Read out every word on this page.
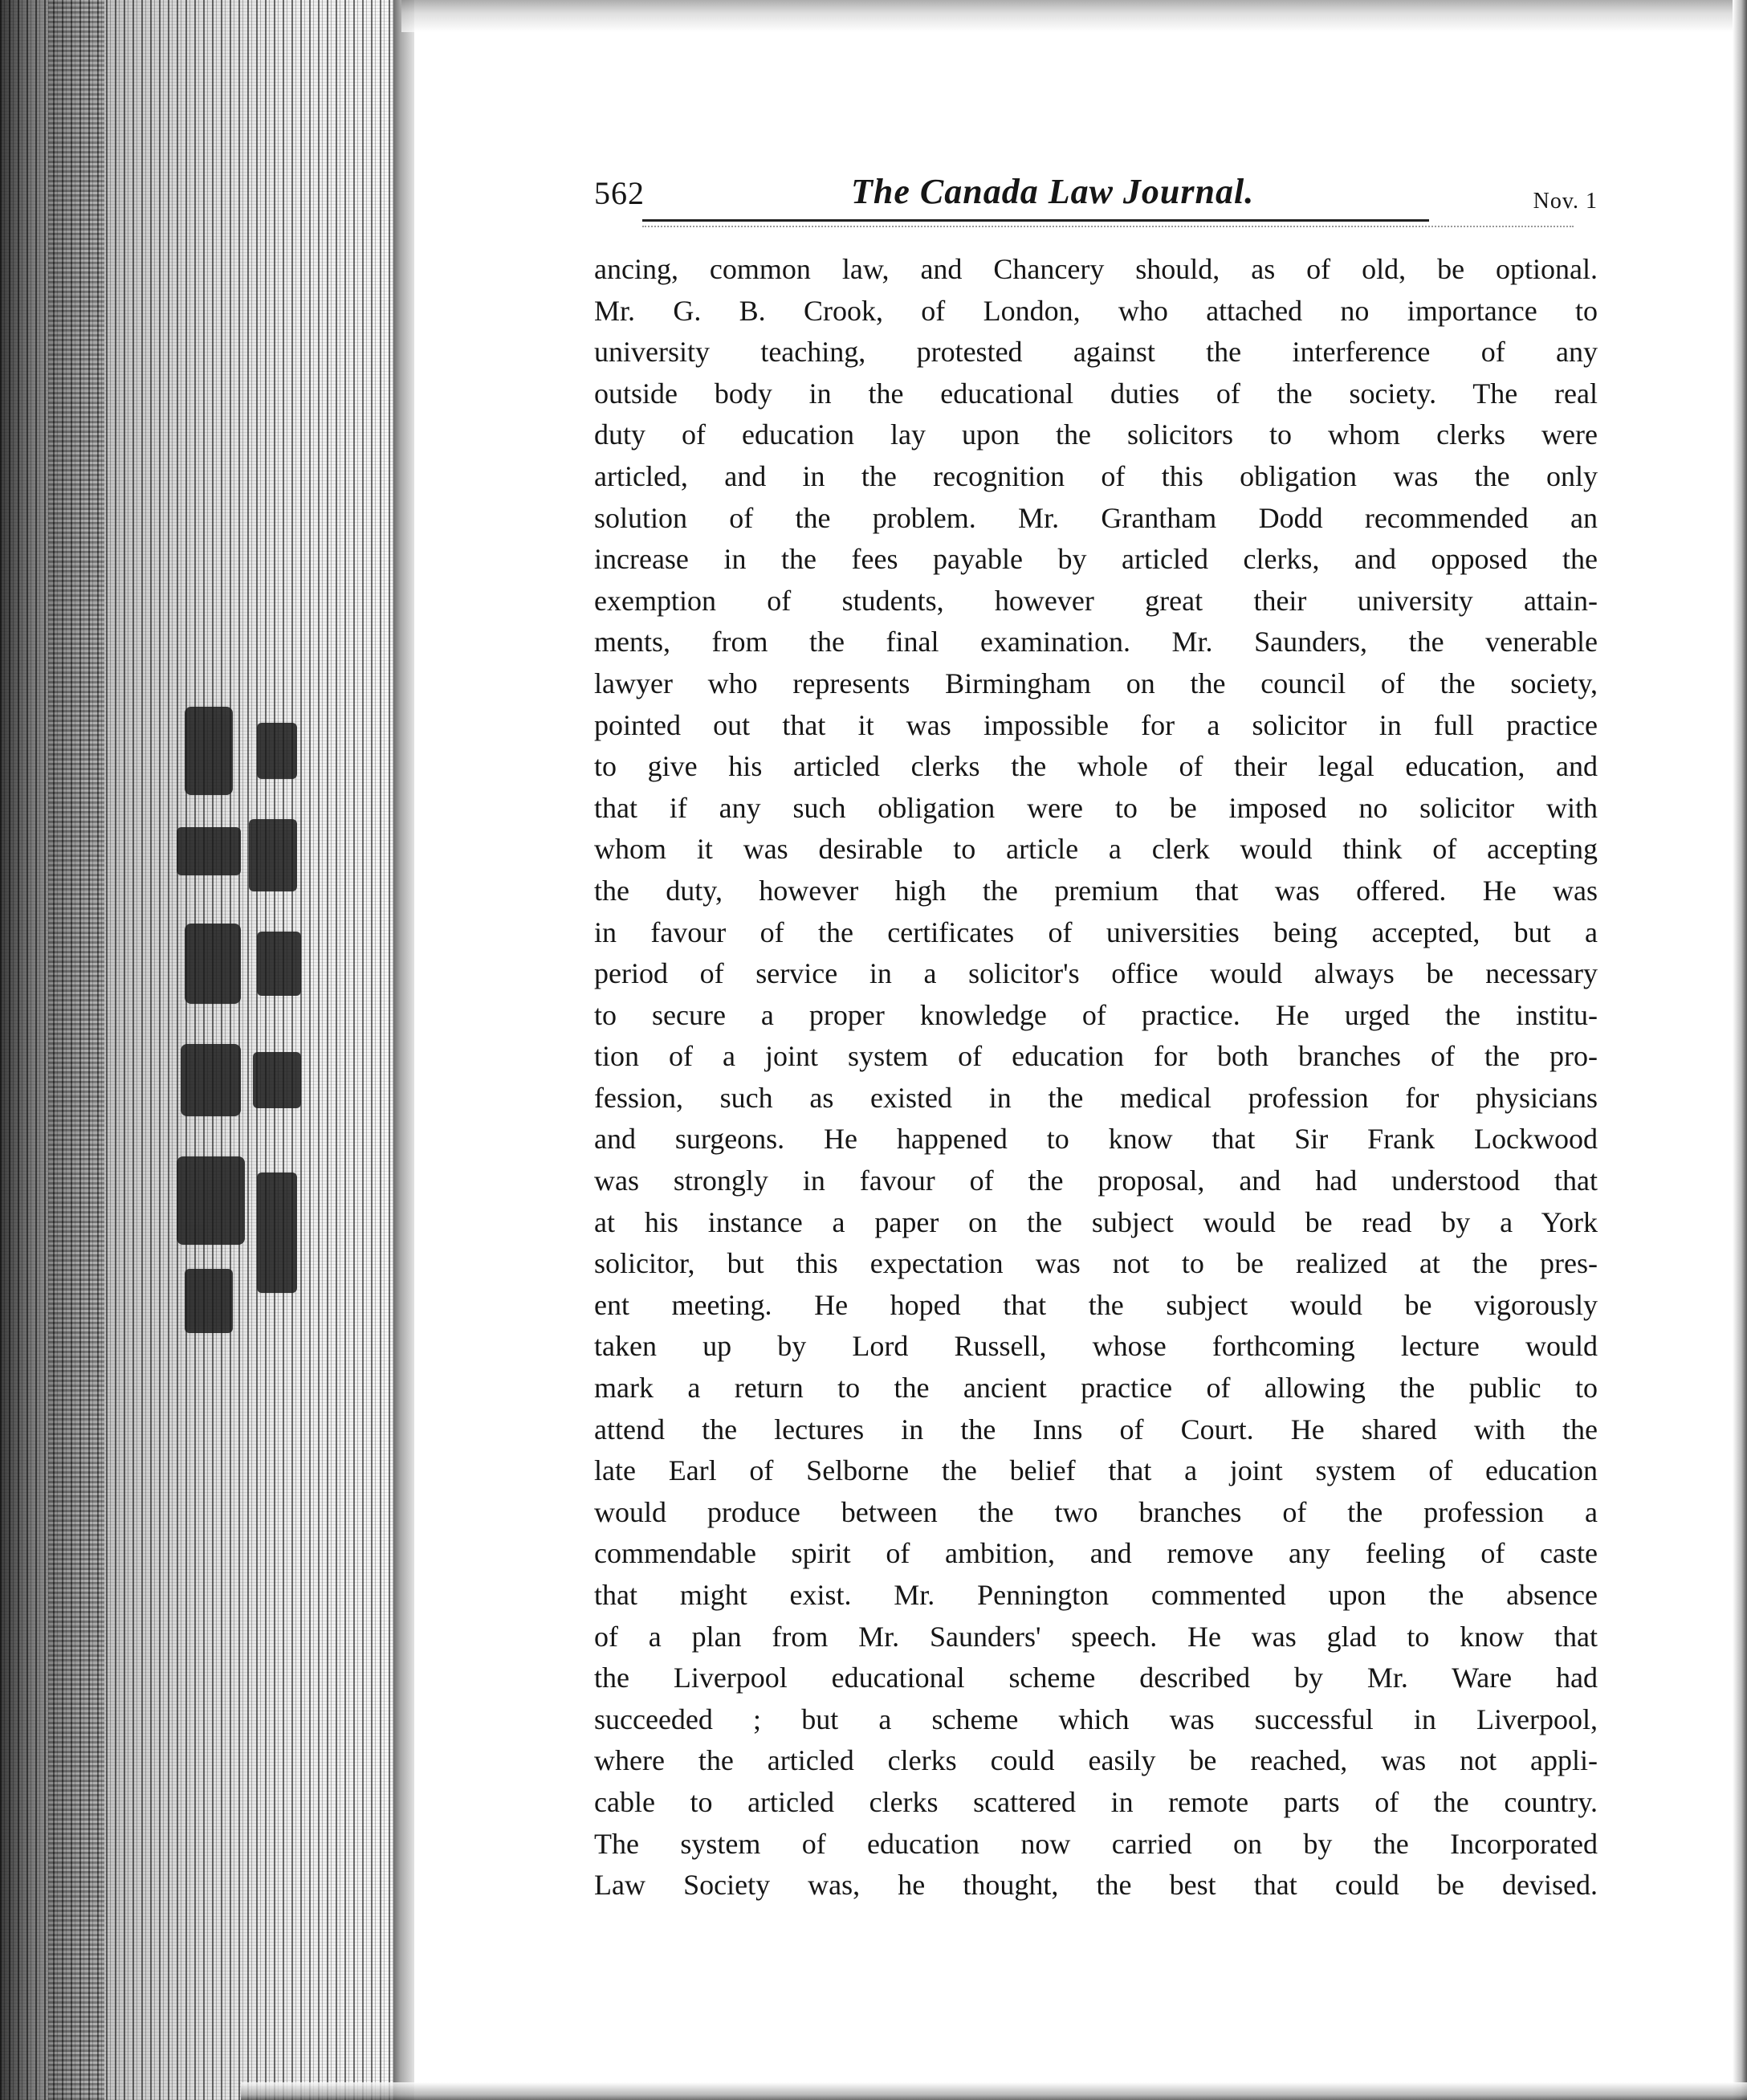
562	The Canada Law Journal.	Nov. 1
ancing, common law, and Chancery should, as of old, be optional.
Mr. G. B. Crook, of London, who attached no importance to
university teaching, protested against the interference of any
outside body in the educational duties of the society. The real
duty of education lay upon the solicitors to whom clerks were
articled, and in the recognition of this obligation was the only
solution of the problem. Mr. Grantham Dodd recommended an
increase in the fees payable by articled clerks, and opposed the
exemption of students, however great their university attain-
ments, from the final examination. Mr. Saunders, the venerable
lawyer who represents Birmingham on the council of the society,
pointed out that it was impossible for a solicitor in full practice
to give his articled clerks the whole of their legal education, and
that if any such obligation were to be imposed no solicitor with
whom it was desirable to article a clerk would think of accepting
the duty, however high the premium that was offered. He was
in favour of the certificates of universities being accepted, but a
period of service in a solicitor's office would always be necessary
to secure a proper knowledge of practice. He urged the institu-
tion of a joint system of education for both branches of the pro-
fession, such as existed in the medical profession for physicians
and surgeons. He happened to know that Sir Frank Lockwood
was strongly in favour of the proposal, and had understood that
at his instance a paper on the subject would be read by a York
solicitor, but this expectation was not to be realized at the pres-
ent meeting. He hoped that the subject would be vigorously
taken up by Lord Russell, whose forthcoming lecture would
mark a return to the ancient practice of allowing the public to
attend the lectures in the Inns of Court. He shared with the
late Earl of Selborne the belief that a joint system of education
would produce between the two branches of the profession a
commendable spirit of ambition, and remove any feeling of caste
that might exist. Mr. Pennington commented upon the absence
of a plan from Mr. Saunders' speech. He was glad to know that
the Liverpool educational scheme described by Mr. Ware had
succeeded ; but a scheme which was successful in Liverpool,
where the articled clerks could easily be reached, was not appli-
cable to articled clerks scattered in remote parts of the country.
The system of education now carried on by the Incorporated
Law Society was, he thought, the best that could be devised.
